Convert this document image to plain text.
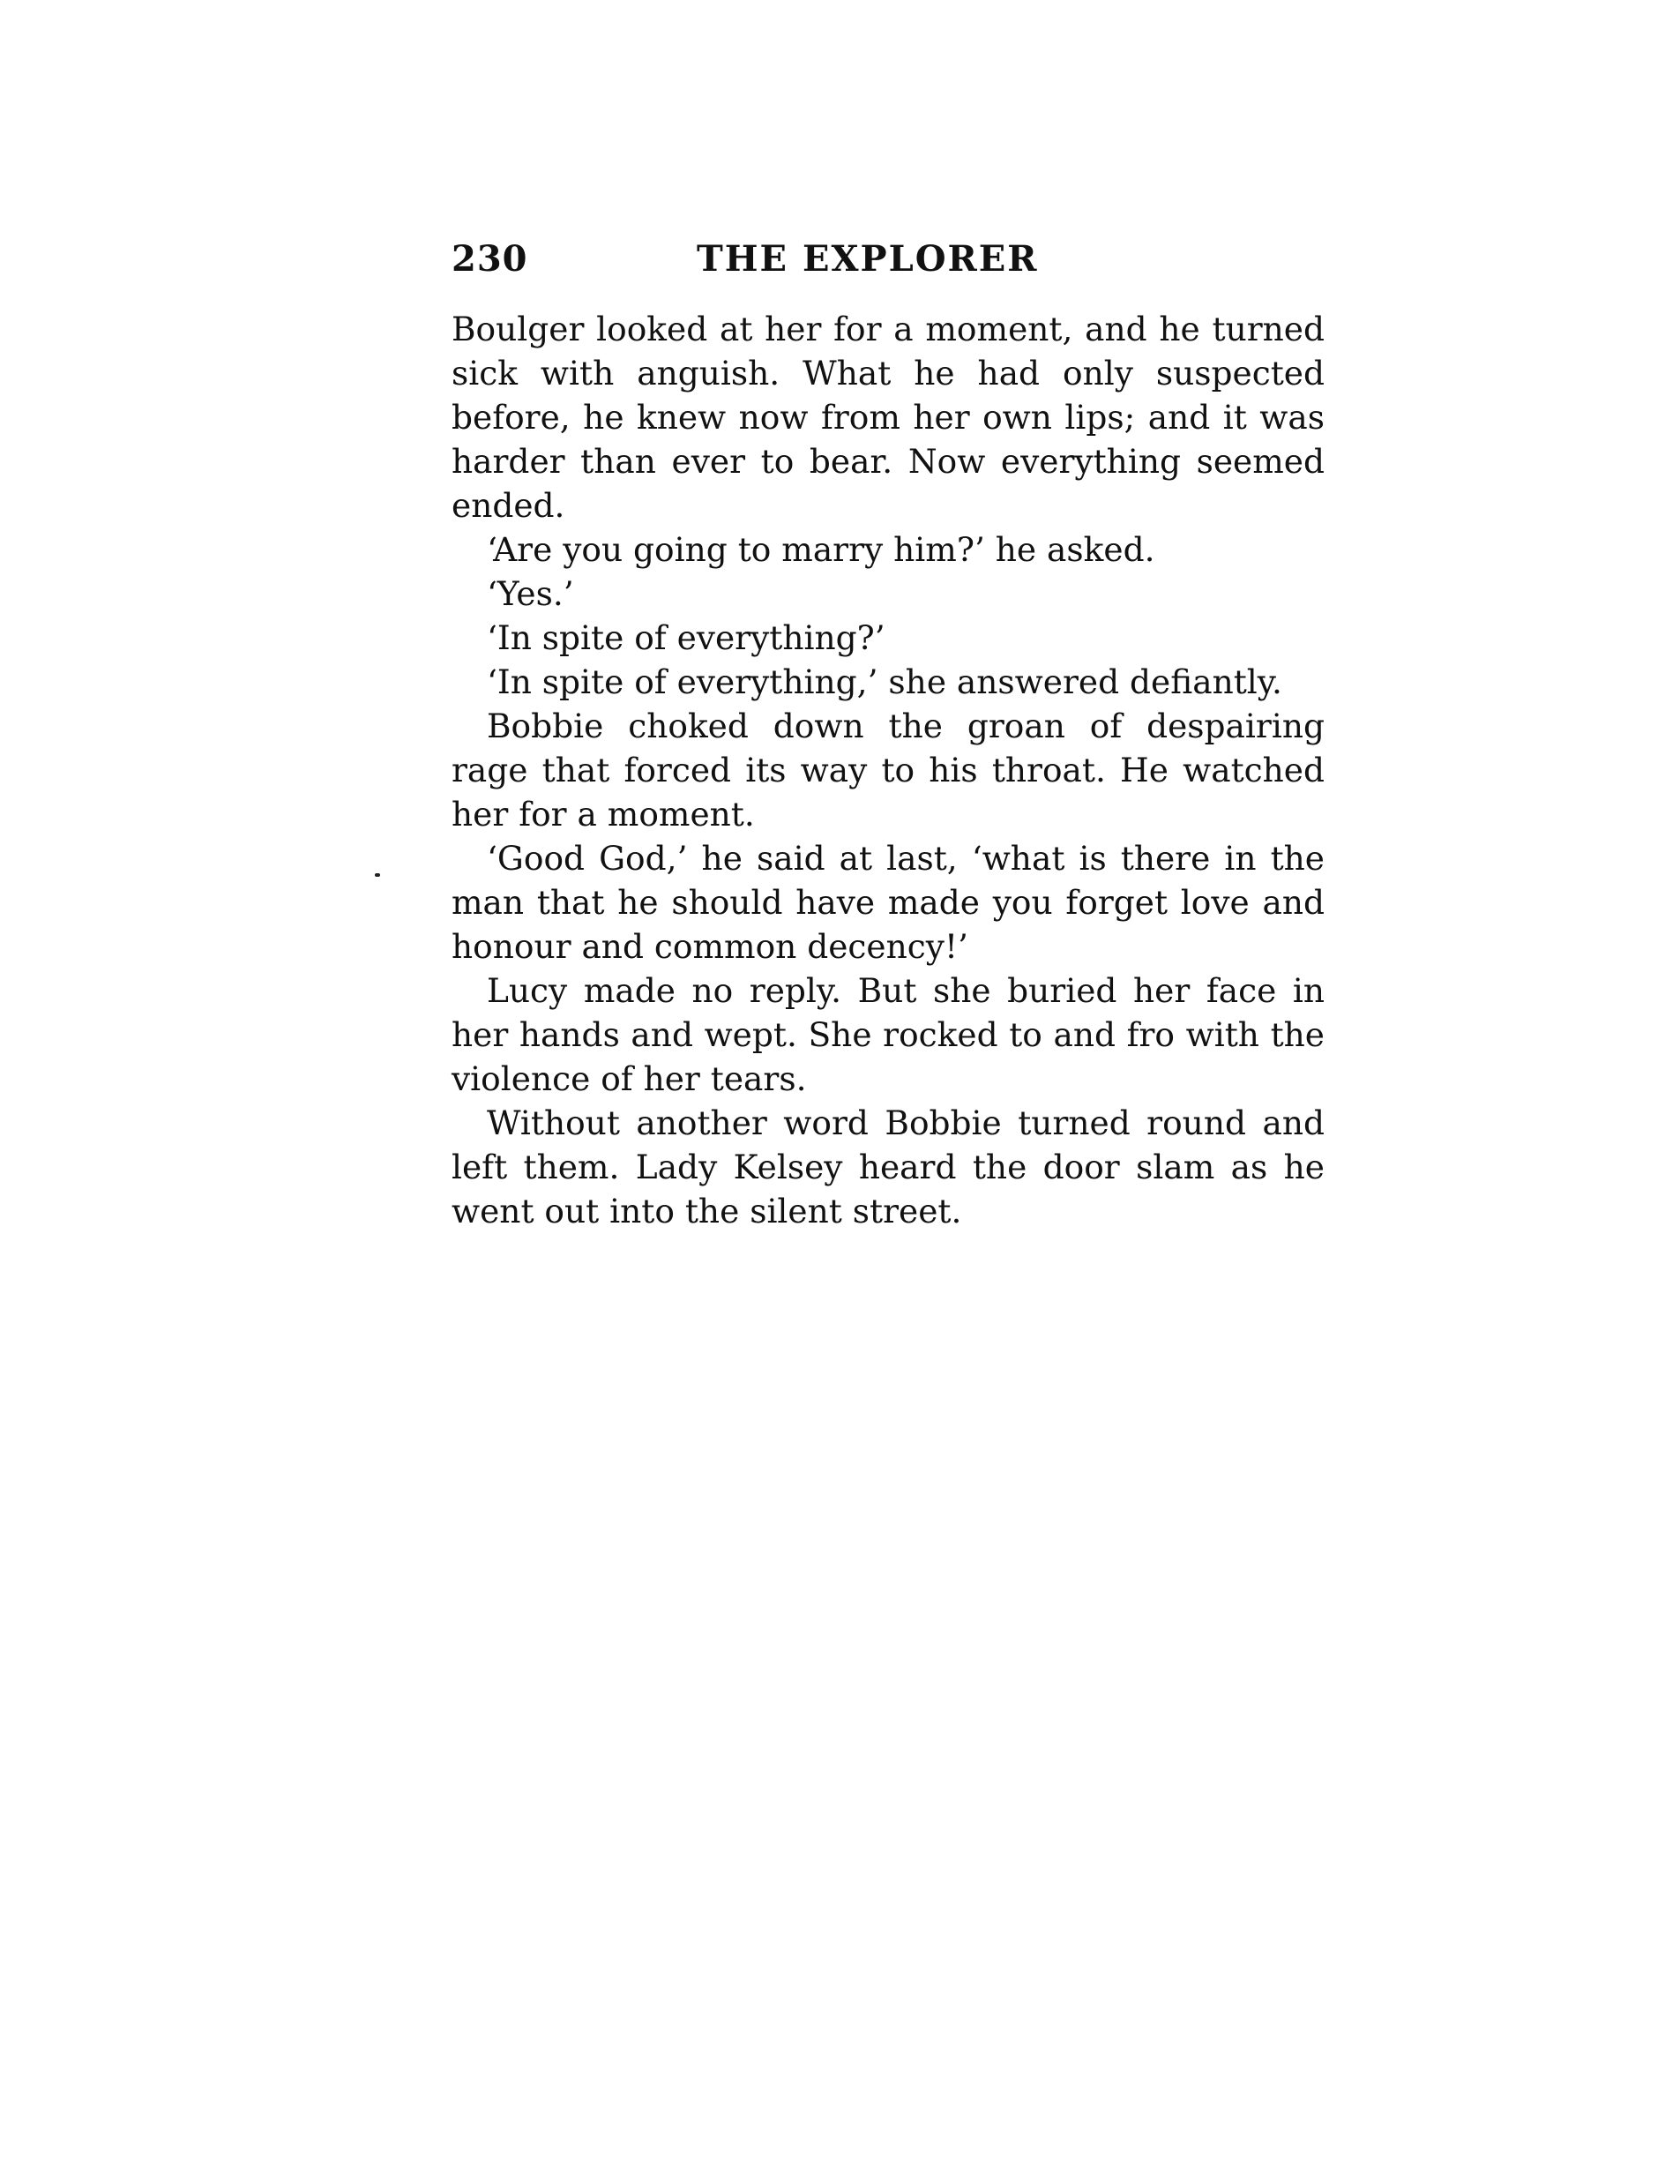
230	THE EXPLORER

Boulger looked at her for a moment, and he turned sick with anguish. What he had only suspected before, he knew now from her own lips; and it was harder than ever to bear. Now everything seemed ended.

‘Are you going to marry him?’ he asked.

‘Yes.’

‘In spite of everything?’

‘In spite of everything,’ she answered defiantly.

Bobbie choked down the groan of despairing rage that forced its way to his throat. He watched her for a moment.

‘Good God,’ he said at last, ‘what is there in the man that he should have made you forget love and honour and common decency!’

Lucy made no reply. But she buried her face in her hands and wept. She rocked to and fro with the violence of her tears.

Without another word Bobbie turned round and left them. Lady Kelsey heard the door slam as he went out into the silent street.
